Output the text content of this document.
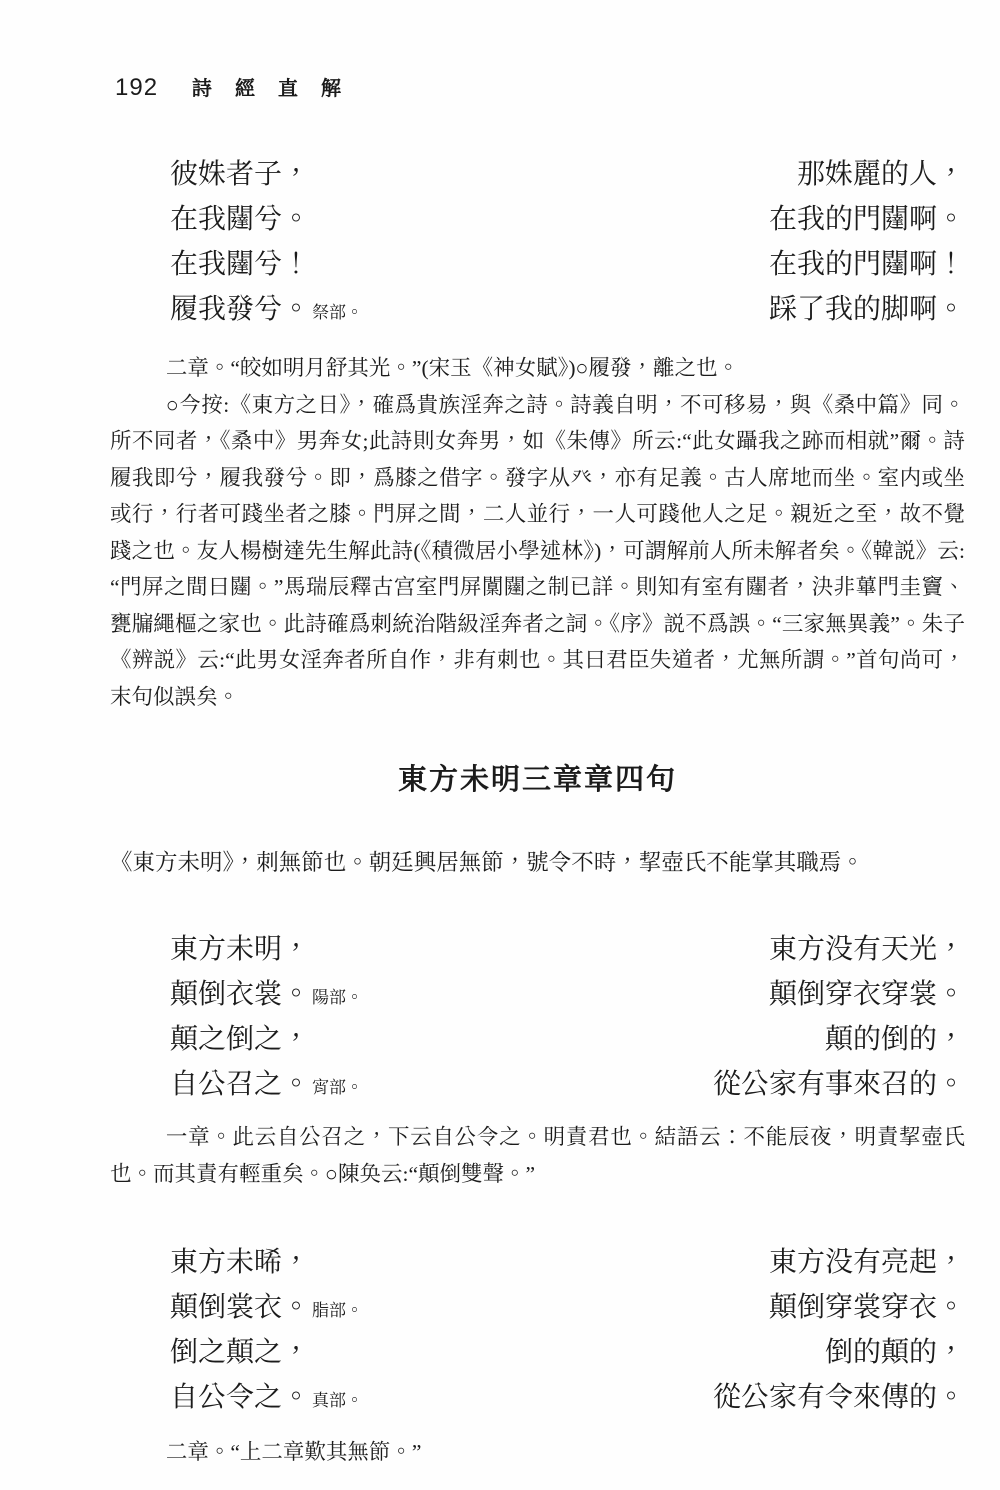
192 詩 經 直 解
彼姝者子，	那姝麗的人，
在我闥兮。	在我的門闥啊。
在我闥兮！	在我的門闥啊！
履我發兮。 祭部。	踩了我的脚啊。

二章。“皎如明月舒其光。”(宋玉《神女賦》)○履發，離之也。

○今按:《東方之日》，確爲貴族淫奔之詩。詩義自明，不可移易，與《桑中篇》同。所不同者，《桑中》男奔女;此詩則女奔男，如《朱傳》所云:“此女躡我之跡而相就”爾。詩履我即兮，履我發兮。即，爲膝之借字。發字从癶，亦有足義。古人席地而坐。室内或坐或行，行者可踐坐者之膝。門屏之間，二人並行，一人可踐他人之足。親近之至，故不覺踐之也。友人楊樹達先生解此詩(《積微居小學述林》)，可謂解前人所未解者矣。《韓説》云:“門屏之間曰闥。”馬瑞辰釋古宫室門屏闑闥之制已詳。則知有室有闥者，決非蓽門圭竇、甕牖繩樞之家也。此詩確爲刺統治階級淫奔者之詞。《序》説不爲誤。“三家無異義”。朱子《辨説》云:“此男女淫奔者所自作，非有刺也。其曰君臣失道者，尤無所謂。”首句尚可，末句似誤矣。

東方未明三章章四句

《東方未明》，刺無節也。朝廷興居無節，號令不時，挈壺氏不能掌其職焉。

東方未明，	東方没有天光，
顛倒衣裳。 陽部。	顛倒穿衣穿裳。
顛之倒之，	顛的倒的，
自公召之。 宵部。	從公家有事來召的。

一章。此云自公召之，下云自公令之。明責君也。結語云：不能辰夜，明責挈壺氏也。而其責有輕重矣。○陳奂云:“顛倒雙聲。”

東方未晞，	東方没有亮起，
顛倒裳衣。 脂部。	顛倒穿裳穿衣。
倒之顛之，	倒的顛的，
自公令之。 真部。	從公家有令來傳的。

二章。“上二章歎其無節。”
